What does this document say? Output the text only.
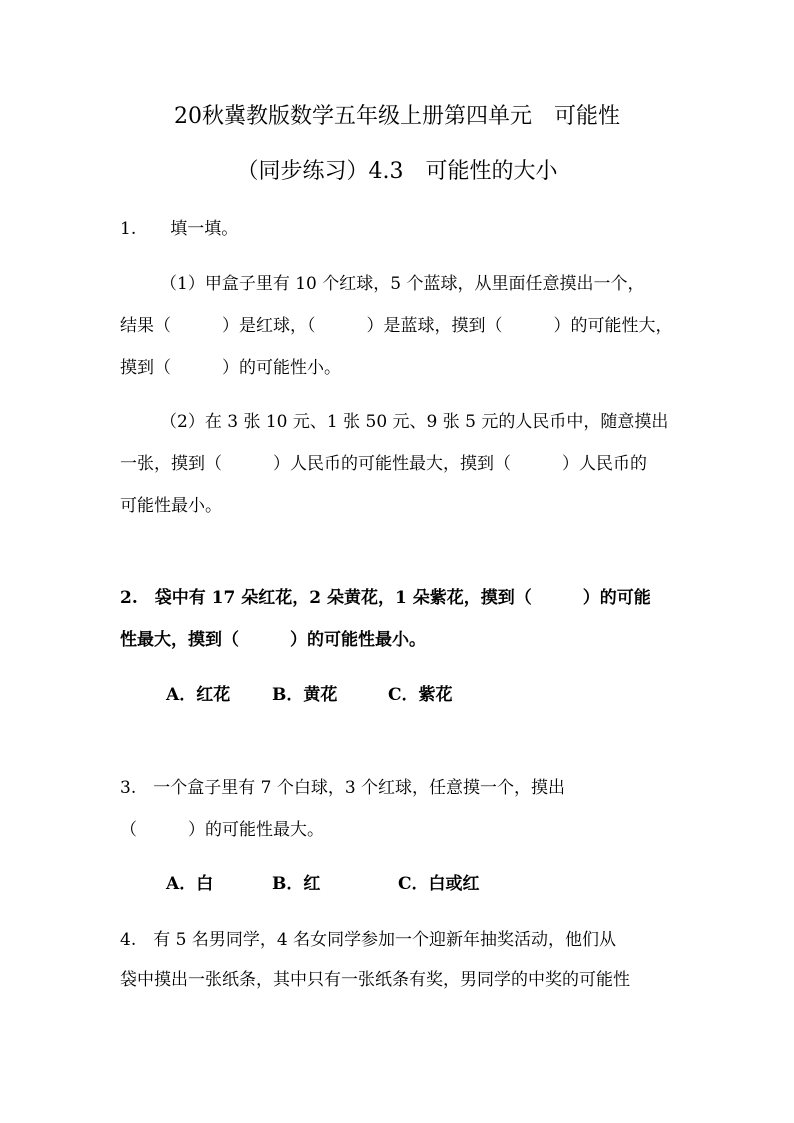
20秋冀教版数学五年级上册第四单元　可能性
（同步练习）4.3　可能性的大小
1.　　填一填。
（1）甲盒子里有 10 个红球，5 个蓝球，从里面任意摸出一个，
结果（　　　）是红球，（　　　）是蓝球，摸到（　　　）的可能性大，
摸到（　　　）的可能性小。
（2）在 3 张 10 元、1 张 50 元、9 张 5 元的人民币中，随意摸出
一张，摸到（　　　）人民币的可能性最大，摸到（　　　）人民币的
可能性最小。
2.　袋中有 17 朵红花，2 朵黄花，1 朵紫花，摸到（　　　）的可能
性最大，摸到（　　　）的可能性最小。
A．红花 B．黄花	C．紫花
3.　一个盒子里有 7 个白球，3 个红球，任意摸一个，摸出
（　　　）的可能性最大。
A．白	B．红	C．白或红
4.　有 5 名男同学，4 名女同学参加一个迎新年抽奖活动，他们从
袋中摸出一张纸条，其中只有一张纸条有奖，男同学的中奖的可能性
